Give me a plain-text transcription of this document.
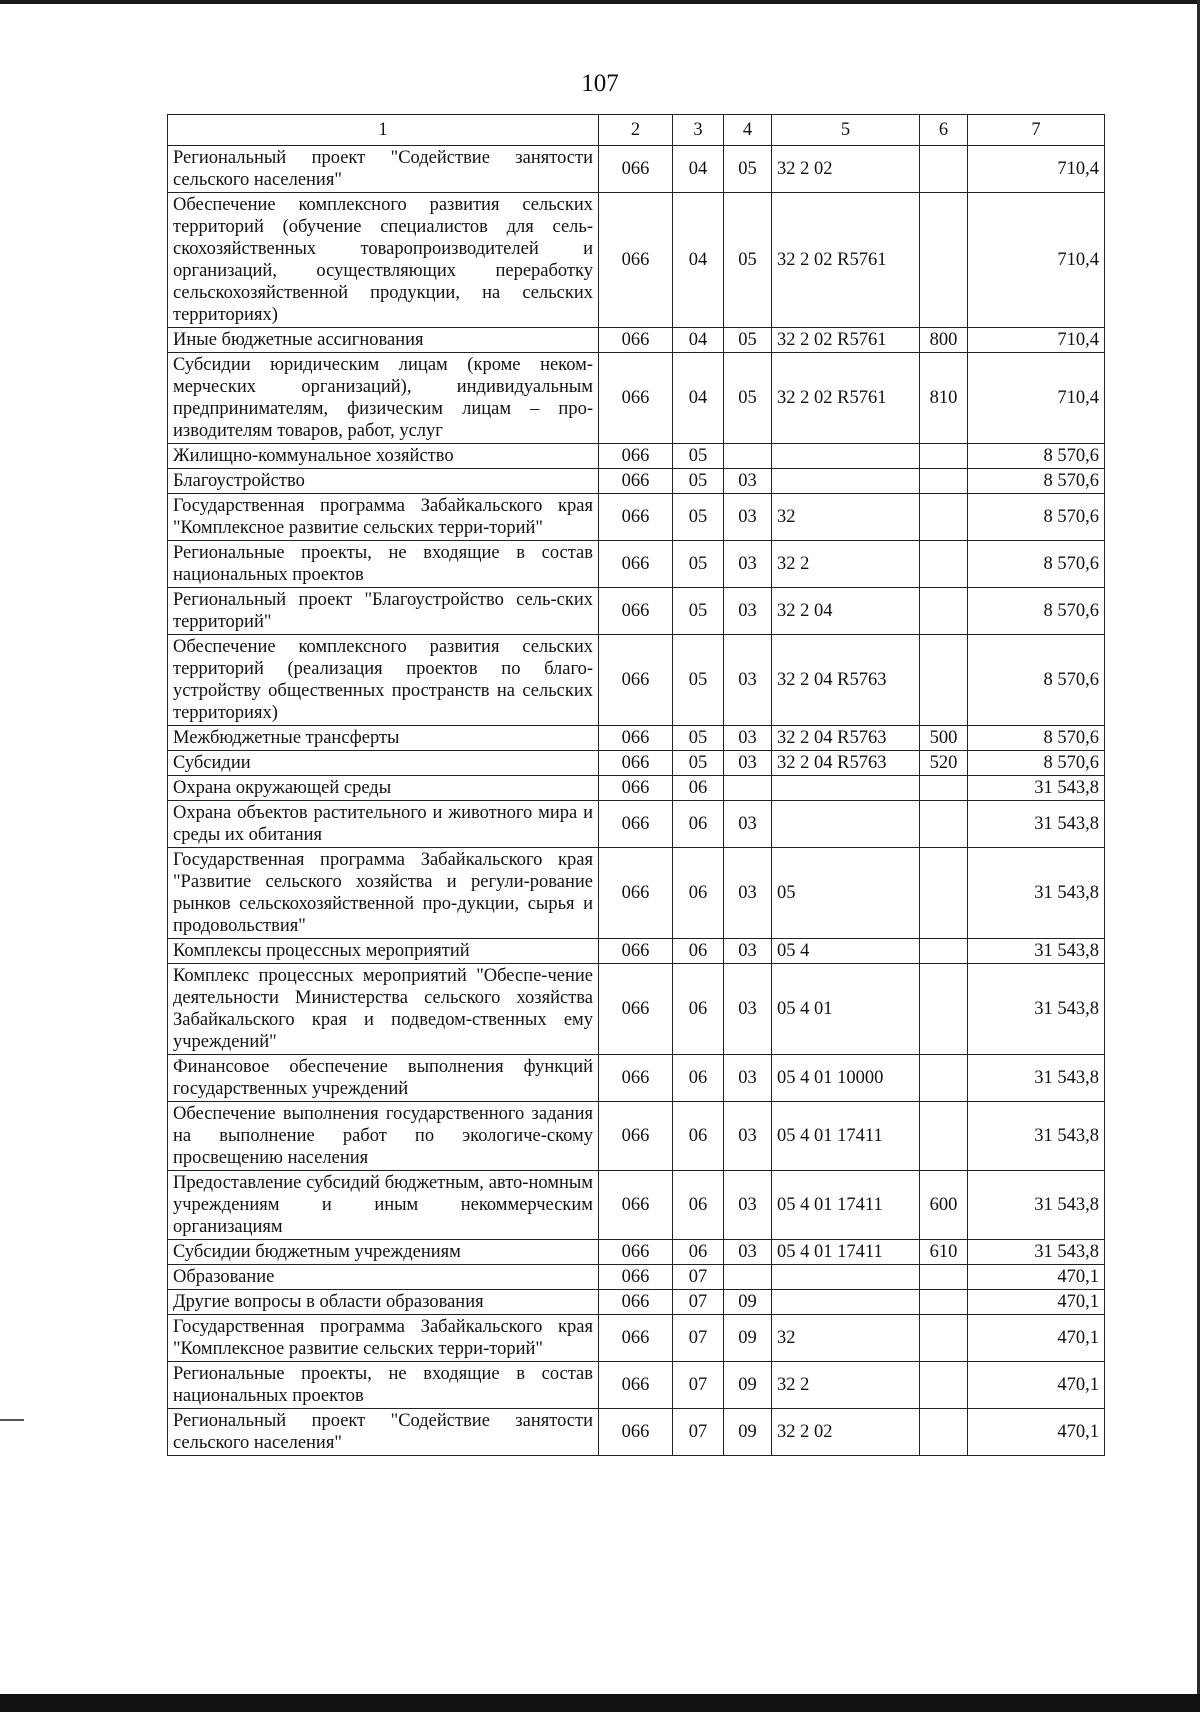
107
1	2	3	4	5	6	7
Региональный проект "Содействие занятости сельского населения"	066	04	05	32 2 02		710,4
Обеспечение комплексного развития сельских территорий (обучение специалистов для сель-скохозяйственных товаропроизводителей и организаций, осуществляющих переработку сельскохозяйственной продукции, на сельских территориях)	066	04	05	32 2 02 R5761		710,4
Иные бюджетные ассигнования	066	04	05	32 2 02 R5761	800	710,4
Субсидии юридическим лицам (кроме неком-мерческих организаций), индивидуальным предпринимателям, физическим лицам – про-изводителям товаров, работ, услуг	066	04	05	32 2 02 R5761	810	710,4
Жилищно-коммунальное хозяйство	066	05				8 570,6
Благоустройство	066	05	03			8 570,6
Государственная программа Забайкальского края "Комплексное развитие сельских терри-торий"	066	05	03	32		8 570,6
Региональные проекты, не входящие в состав национальных проектов	066	05	03	32 2		8 570,6
Региональный проект "Благоустройство сель-ских территорий"	066	05	03	32 2 04		8 570,6
Обеспечение комплексного развития сельских территорий (реализация проектов по благо-устройству общественных пространств на сельских территориях)	066	05	03	32 2 04 R5763		8 570,6
Межбюджетные трансферты	066	05	03	32 2 04 R5763	500	8 570,6
Субсидии	066	05	03	32 2 04 R5763	520	8 570,6
Охрана окружающей среды	066	06				31 543,8
Охрана объектов растительного и животного мира и среды их обитания	066	06	03			31 543,8
Государственная программа Забайкальского края "Развитие сельского хозяйства и регули-рование рынков сельскохозяйственной про-дукции, сырья и продовольствия"	066	06	03	05		31 543,8
Комплексы процессных мероприятий	066	06	03	05 4		31 543,8
Комплекс процессных мероприятий "Обеспе-чение деятельности Министерства сельского хозяйства Забайкальского края и подведом-ственных ему учреждений"	066	06	03	05 4 01		31 543,8
Финансовое обеспечение выполнения функций государственных учреждений	066	06	03	05 4 01 10000		31 543,8
Обеспечение выполнения государственного задания на выполнение работ по экологиче-скому просвещению населения	066	06	03	05 4 01 17411		31 543,8
Предоставление субсидий бюджетным, авто-номным учреждениям и иным некоммерческим организациям	066	06	03	05 4 01 17411	600	31 543,8
Субсидии бюджетным учреждениям	066	06	03	05 4 01 17411	610	31 543,8
Образование	066	07				470,1
Другие вопросы в области образования	066	07	09			470,1
Государственная программа Забайкальского края "Комплексное развитие сельских терри-торий"	066	07	09	32		470,1
Региональные проекты, не входящие в состав национальных проектов	066	07	09	32 2		470,1
Региональный проект "Содействие занятости сельского населения"	066	07	09	32 2 02		470,1
